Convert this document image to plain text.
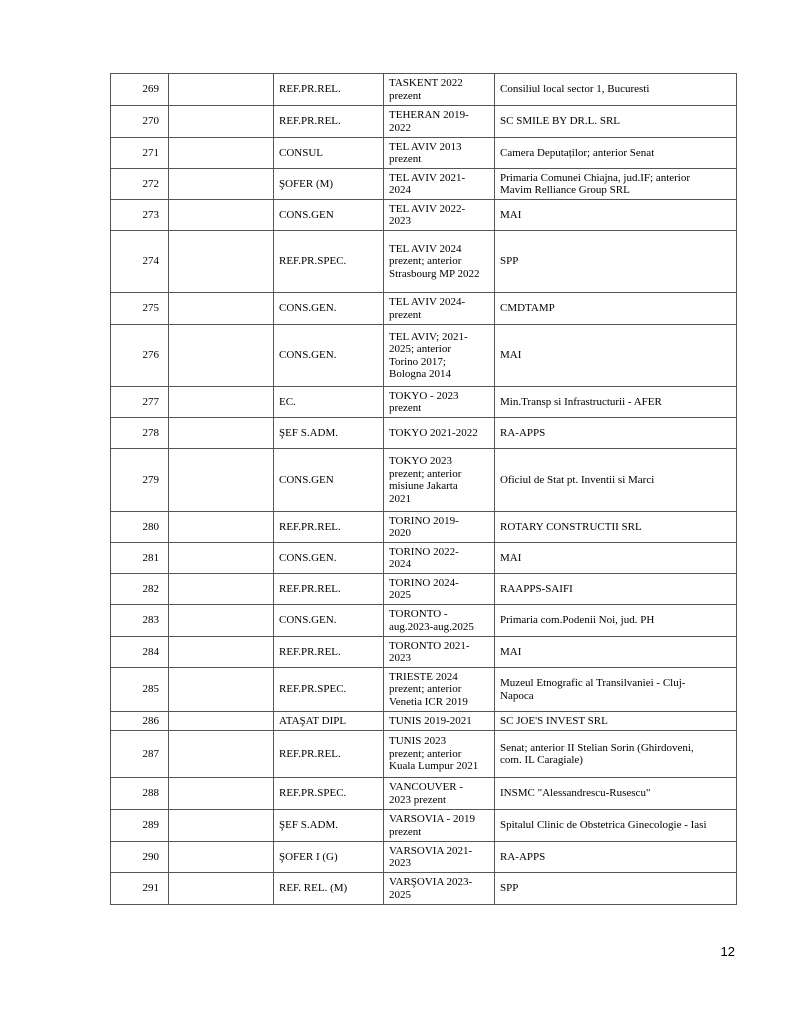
269		REF.PR.REL.	TASKENT 2022
prezent	Consiliul local sector 1, Bucuresti
270		REF.PR.REL.	TEHERAN 2019-
2022	SC SMILE BY DR.L. SRL
271		CONSUL	TEL AVIV 2013
prezent	Camera Deputaților; anterior Senat
272		ŞOFER (M)	TEL AVIV 2021-
2024	Primaria Comunei Chiajna, jud.IF; anterior
Mavim Relliance Group SRL
273		CONS.GEN	TEL AVIV 2022-
2023	MAI
274		REF.PR.SPEC.	TEL AVIV 2024
prezent; anterior
Strasbourg MP 2022	SPP
275		CONS.GEN.	TEL AVIV 2024-
prezent	CMDTAMP
276		CONS.GEN.	TEL AVIV; 2021-
2025; anterior
Torino 2017;
Bologna 2014	MAI
277		EC.	TOKYO - 2023
prezent	Min.Transp si Infrastructurii - AFER
278		ŞEF S.ADM.	TOKYO 2021-2022	RA-APPS
279		CONS.GEN	TOKYO 2023
prezent; anterior
misiune Jakarta
2021	Oficiul de Stat pt. Inventii si Marci
280		REF.PR.REL.	TORINO 2019-
2020	ROTARY CONSTRUCTII SRL
281		CONS.GEN.	TORINO 2022-
2024	MAI
282		REF.PR.REL.	TORINO 2024-
2025	RAAPPS-SAIFI
283		CONS.GEN.	TORONTO -
aug.2023-aug.2025	Primaria com.Podenii Noi, jud. PH
284		REF.PR.REL.	TORONTO 2021-
2023	MAI
285		REF.PR.SPEC.	TRIESTE 2024
prezent; anterior
Venetia ICR 2019	Muzeul Etnografic al Transilvaniei - Cluj-
Napoca
286		ATAŞAT DIPL	TUNIS 2019-2021	SC JOE'S INVEST SRL
287		REF.PR.REL.	TUNIS 2023
prezent; anterior
Kuala Lumpur 2021	Senat; anterior II Stelian Sorin (Ghirdoveni,
com. IL Caragiale)
288		REF.PR.SPEC.	VANCOUVER -
2023 prezent	INSMC "Alessandrescu-Rusescu"
289		ŞEF S.ADM.	VARSOVIA - 2019
prezent	Spitalul Clinic de Obstetrica Ginecologie - Iasi
290		ŞOFER I (G)	VARSOVIA 2021-
2023	RA-APPS
291		REF. REL. (M)	VARŞOVIA 2023-
2025	SPP
12
